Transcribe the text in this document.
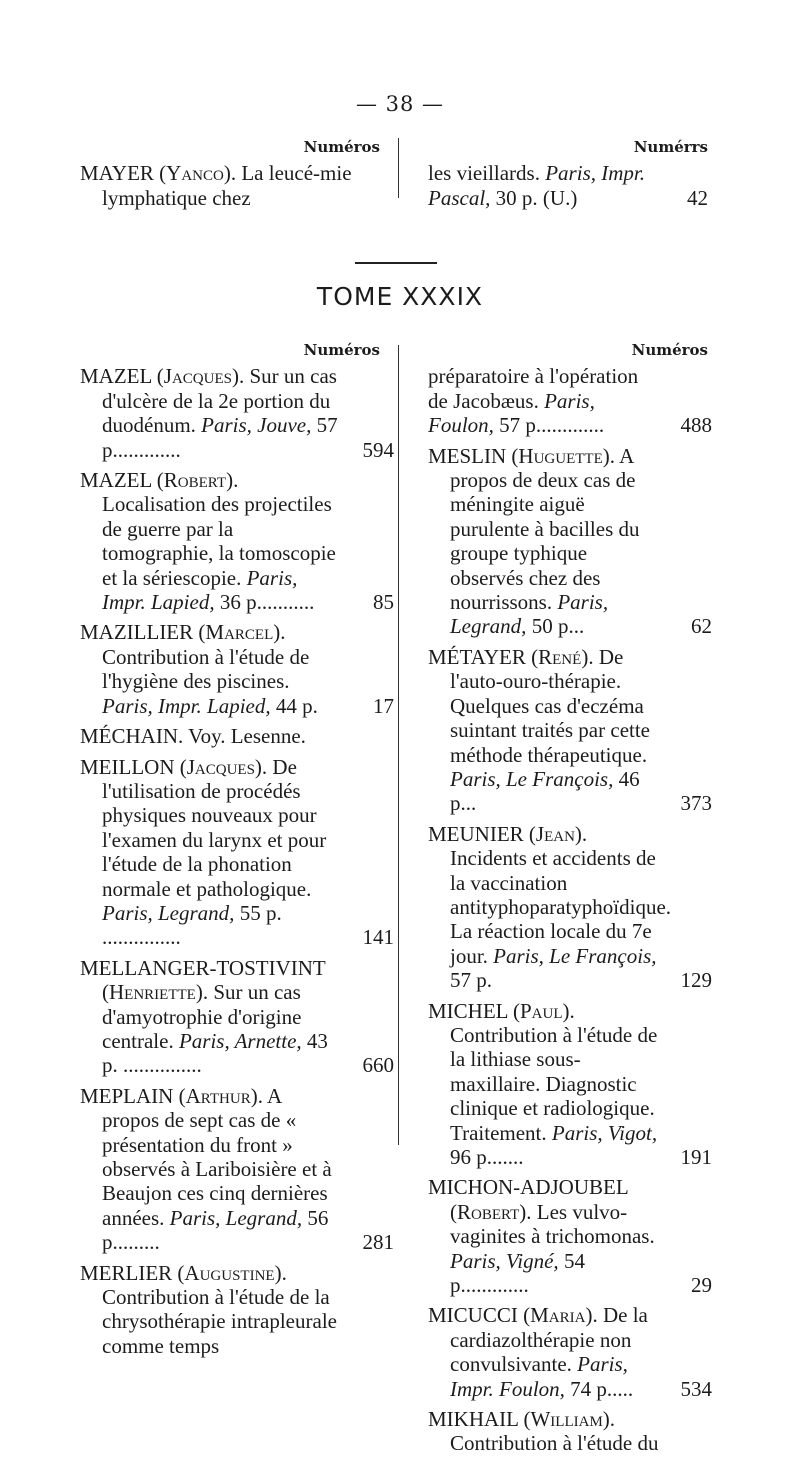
— 38 —
Numéros
MAYER (Yanco). La leucé-mie lymphatique chez
Numérrs
les vieillards. Paris, Impr. Pascal, 30 p. (U.)	42
TOME XXXIX
Numéros
MAZEL (Jacques). Sur un cas d'ulcère de la 2e portion du duodénum. Paris, Jouve, 57 p.............	594
MAZEL (Robert). Localisation des projectiles de guerre par la tomographie, la tomoscopie et la sériescopie. Paris, Impr. Lapied, 36 p...........	85
MAZILLIER (Marcel). Contribution à l'étude de l'hygiène des piscines. Paris, Impr. Lapied, 44 p.	17
MÉCHAIN. Voy. Lesenne.
MEILLON (Jacques). De l'utilisation de procédés physiques nouveaux pour l'examen du larynx et pour l'étude de la phonation normale et pathologique. Paris, Legrand, 55 p. ...............	141
MELLANGER-TOSTIVINT (Henriette). Sur un cas d'amyotrophie d'origine centrale. Paris, Arnette, 43 p. ...............	660
MEPLAIN (Arthur). A propos de sept cas de « présentation du front » observés à Lariboisière et à Beaujon ces cinq dernières années. Paris, Legrand, 56 p.........	281
MERLIER (Augustine). Contribution à l'étude de la chrysothérapie intrapleurale comme temps
Numéros
préparatoire à l'opération de Jacobæus. Paris, Foulon, 57 p.............	488
MESLIN (Huguette). A propos de deux cas de méningite aiguë purulente à bacilles du groupe typhique observés chez des nourrissons. Paris, Legrand, 50 p...	62
MÉTAYER (René). De l'auto-ouro-thérapie. Quelques cas d'eczéma suintant traités par cette méthode thérapeutique. Paris, Le François, 46 p...	373
MEUNIER (Jean). Incidents et accidents de la vaccination antityphoparatyphoïdique. La réaction locale du 7e jour. Paris, Le François, 57 p.	129
MICHEL (Paul). Contribution à l'étude de la lithiase sous-maxillaire. Diagnostic clinique et radiologique. Traitement. Paris, Vigot, 96 p.......	191
MICHON-ADJOUBEL (Robert). Les vulvo-vaginites à trichomonas. Paris, Vigné, 54 p.............	29
MICUCCI (Maria). De la cardiazolthérapie non convulsivante. Paris, Impr. Foulon, 74 p.....	534
MIKHAIL (William). Contribution à l'étude du
